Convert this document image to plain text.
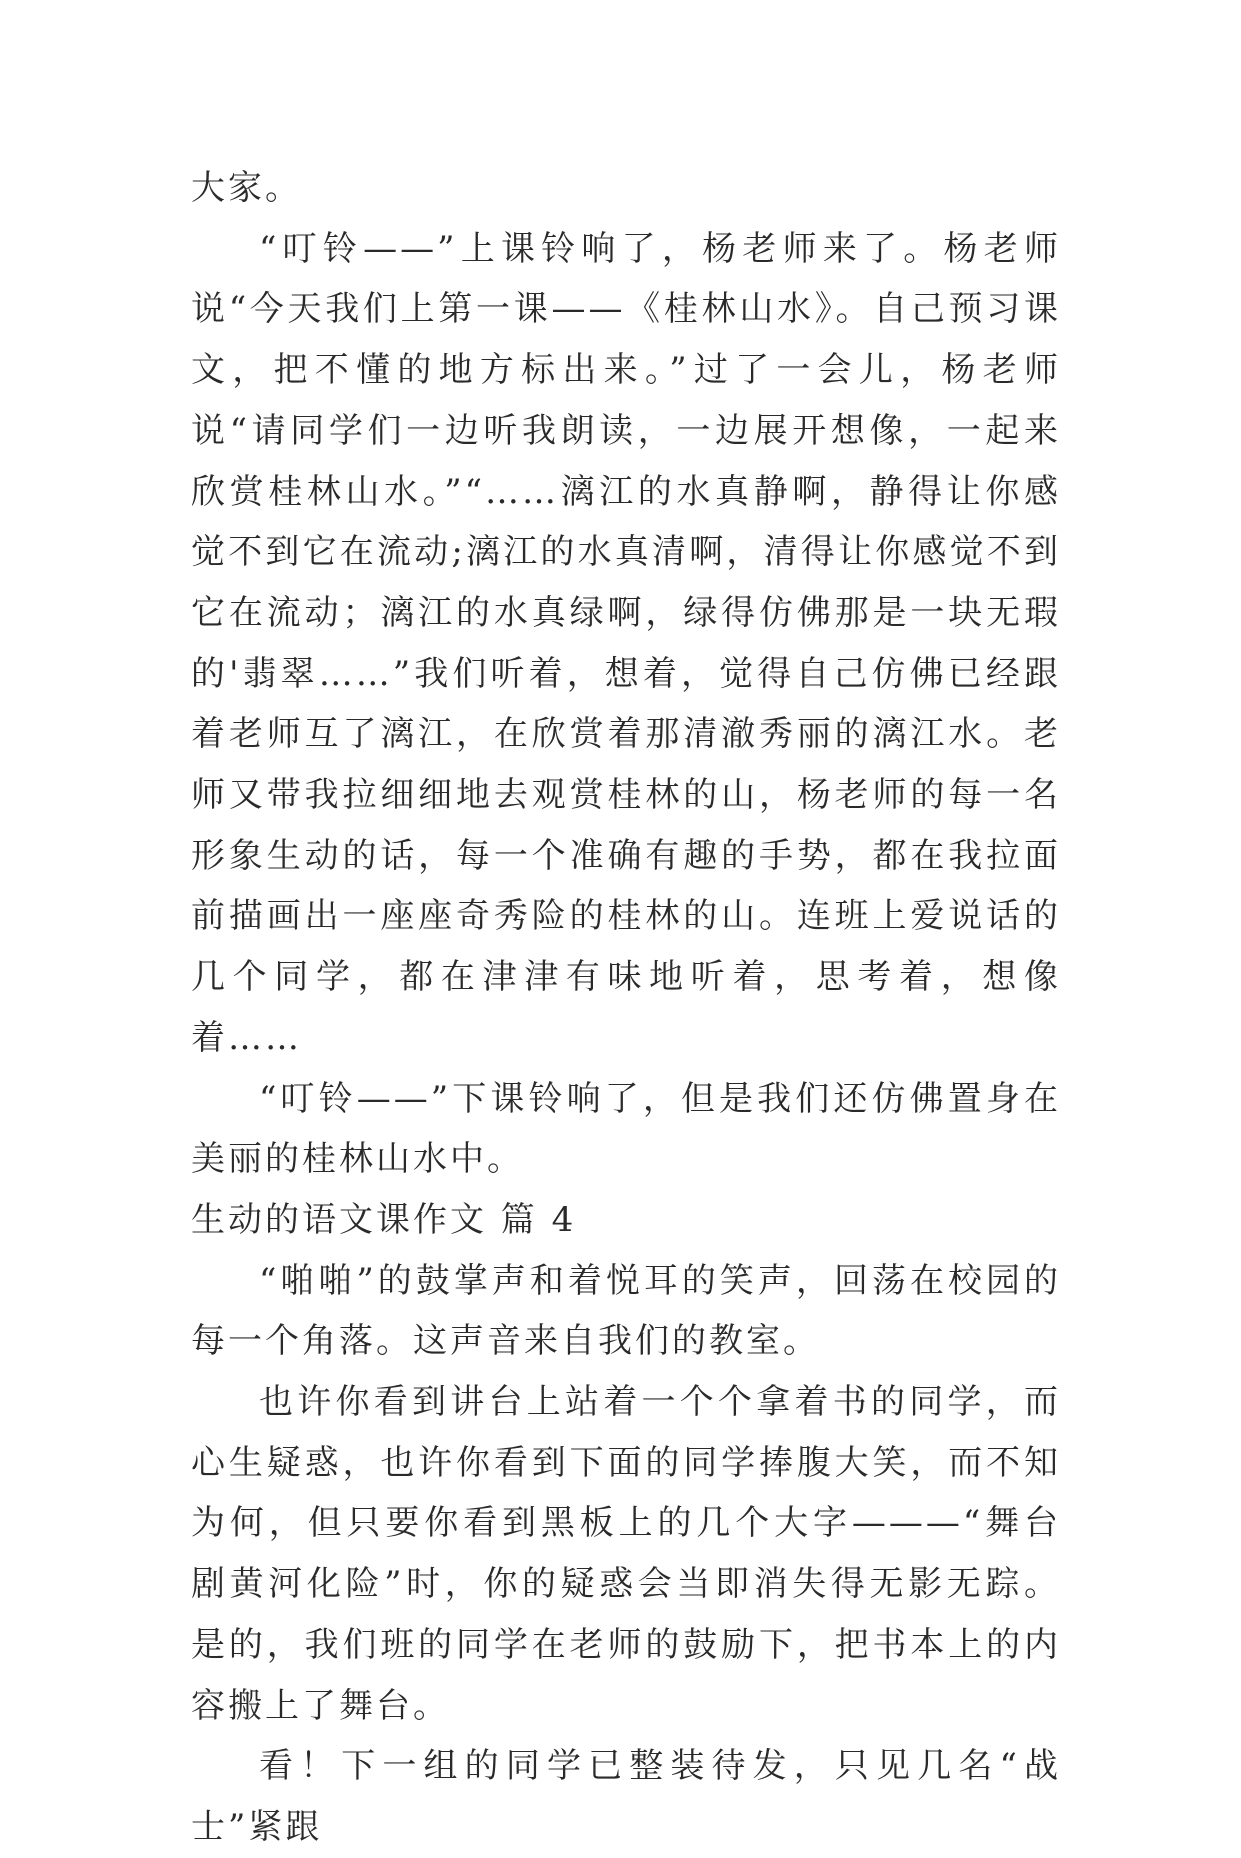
大家。

“叮铃——”上课铃响了，杨老师来了。杨老师说“今天我们上第一课——《桂林山水》。自己预习课文，把不懂的地方标出来。”过了一会儿，杨老师说“请同学们一边听我朗读，一边展开想像，一起来欣赏桂林山水。”“……漓江的水真静啊，静得让你感觉不到它在流动;漓江的水真清啊，清得让你感觉不到它在流动；漓江的水真绿啊，绿得仿佛那是一块无瑕的'翡翠……”我们听着，想着，觉得自己仿佛已经跟着老师互了漓江，在欣赏着那清澈秀丽的漓江水。老师又带我拉细细地去观赏桂林的山，杨老师的每一名形象生动的话，每一个准确有趣的手势，都在我拉面前描画出一座座奇秀险的桂林的山。连班上爱说话的几个同学，都在津津有味地听着，思考着，想像着……

“叮铃——”下课铃响了，但是我们还仿佛置身在美丽的桂林山水中。

生动的语文课作文 篇 4

“啪啪”的鼓掌声和着悦耳的笑声，回荡在校园的每一个角落。这声音来自我们的教室。

也许你看到讲台上站着一个个拿着书的同学，而心生疑惑，也许你看到下面的同学捧腹大笑，而不知为何，但只要你看到黑板上的几个大字———“舞台剧黄河化险”时，你的疑惑会当即消失得无影无踪。是的，我们班的同学在老师的鼓励下，把书本上的内容搬上了舞台。

看！下一组的同学已整装待发，只见几名“战士”紧跟
